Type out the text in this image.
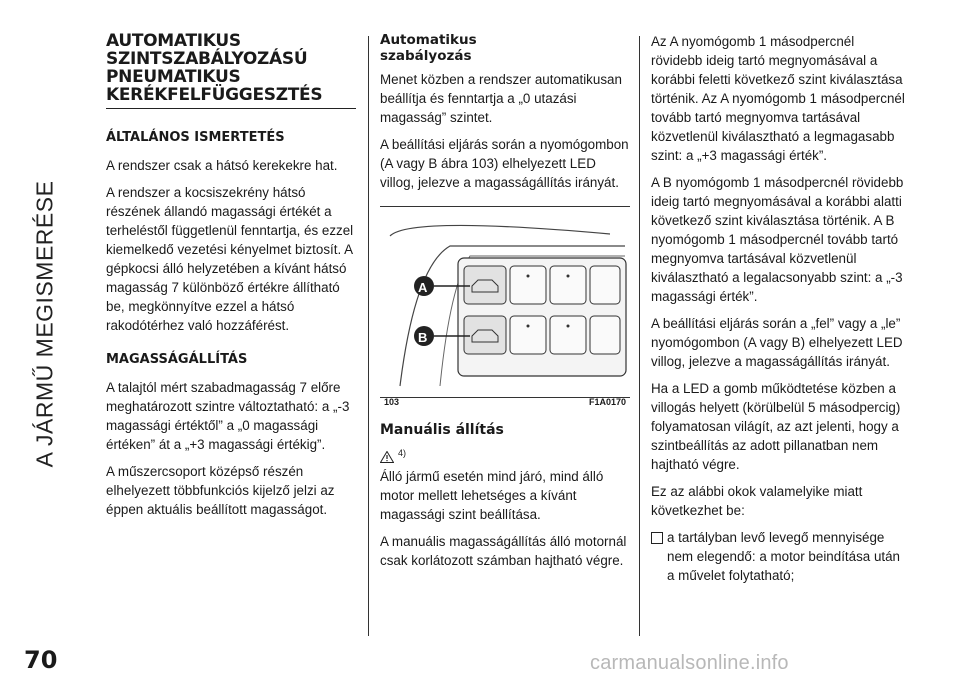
A JÁRMŰ MEGISMERÉSE
AUTOMATIKUS SZINTSZABÁLYOZÁSÚ PNEUMATIKUS KERÉKFELFÜGGESZTÉS
ÁLTALÁNOS ISMERTETÉS

A rendszer csak a hátsó kerekekre hat.

A rendszer a kocsiszekrény hátsó részének állandó magassági értékét a terheléstől függetlenül fenntartja, és ezzel kiemelkedő vezetési kényelmet biztosít. A gépkocsi álló helyzetében a kívánt hátsó magasság 7 különböző értékre állítható be, megkönnyítve ezzel a hátsó rakodótérhez való hozzáférést.

MAGASSÁGÁLLÍTÁS

A talajtól mért szabadmagasság 7 előre meghatározott szintre változtatható: a „-3 magassági értéktől” a „0 magassági értéken” át a „+3 magassági értékig”.

A műszercsoport középső részén elhelyezett többfunkciós kijelző jelzi az éppen aktuális beállított magasságot.

Automatikus szabályozás

Menet közben a rendszer automatikusan beállítja és fenntartja a „0 utazási magasság” szintet.

A beállítási eljárás során a nyomógombon (A vagy B ábra 103) elhelyezett LED villog, jelezve a magasságállítás irányát.

A
B
103	F1A0170
Manuális állítás
4)

Álló jármű esetén mind járó, mind álló motor mellett lehetséges a kívánt magassági szint beállítása.

A manuális magasságállítás álló motornál csak korlátozott számban hajtható végre.

Az A nyomógomb 1 másodpercnél rövidebb ideig tartó megnyomásával a korábbi feletti következő szint kiválasztása történik. Az A nyomógomb 1 másodpercnél tovább tartó megnyomva tartásával közvetlenül kiválasztható a legmagasabb szint: a „+3 magassági érték”.

A B nyomógomb 1 másodpercnél rövidebb ideig tartó megnyomásával a korábbi alatti következő szint kiválasztása történik. A B nyomógomb 1 másodpercnél tovább tartó megnyomva tartásával közvetlenül kiválasztható a legalacsonyabb szint: a „-3 magassági érték”.

A beállítási eljárás során a „fel” vagy a „le” nyomógombon (A vagy B) elhelyezett LED villog, jelezve a magasságállítás irányát.

Ha a LED a gomb működtetése közben a villogás helyett (körülbelül 5 másodpercig) folyamatosan világít, az azt jelenti, hogy a szintbeállítás az adott pillanatban nem hajtható végre.

Ez az alábbi okok valamelyike miatt következhet be:

a tartályban levő levegő mennyisége nem elegendő: a motor beindítása után a művelet folytatható;
70	carmanualsonline.info
